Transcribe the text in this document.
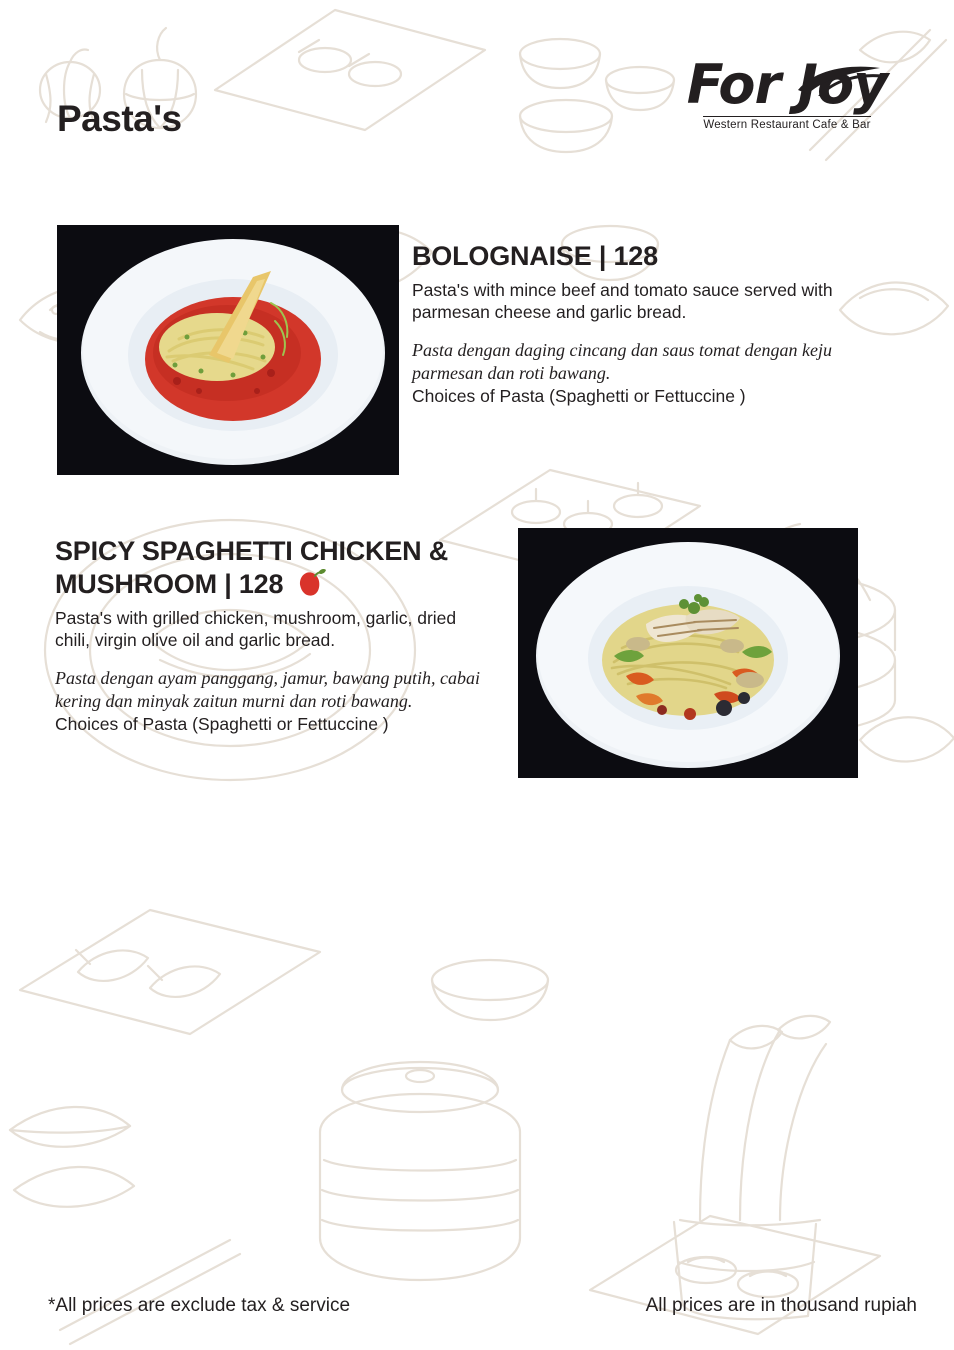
Pasta's
For Joy
Western Restaurant Cafe & Bar
BOLOGNAISE | 128

Pasta's with mince beef and tomato sauce served with parmesan cheese and garlic bread.

Pasta dengan daging cincang dan saus tomat dengan keju parmesan dan roti bawang.

Choices of Pasta (Spaghetti or Fettuccine )

SPICY SPAGHETTI CHICKEN & MUSHROOM | 128

Pasta's with grilled chicken, mushroom, garlic, dried chili, virgin olive oil and garlic bread.

Pasta dengan ayam panggang, jamur, bawang putih, cabai kering dan minyak zaitun murni dan roti bawang.

Choices of Pasta (Spaghetti or Fettuccine )

*All prices are exclude tax & service	All prices are in thousand rupiah
